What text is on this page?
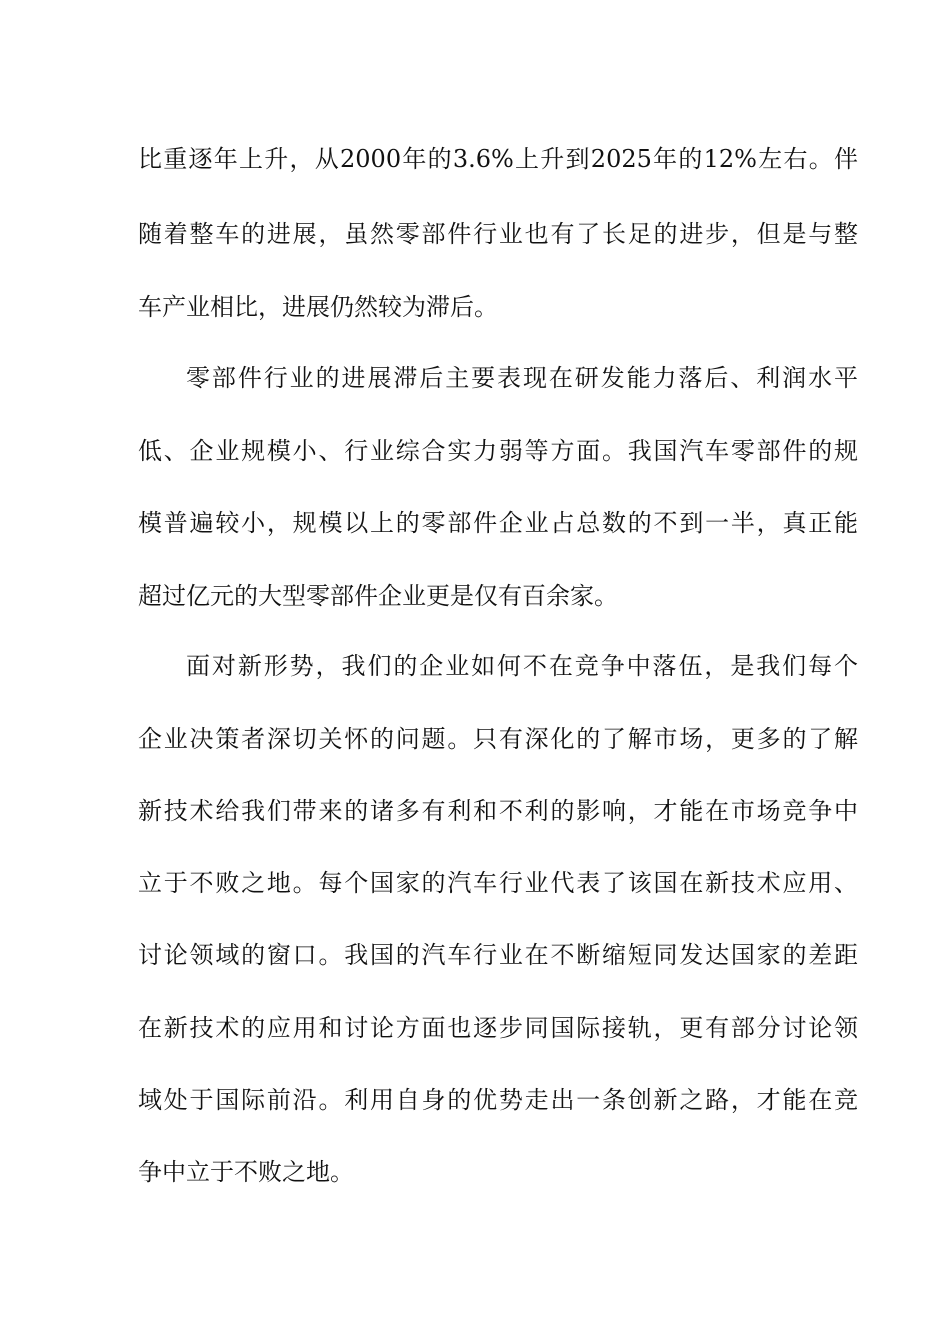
比重逐年上升，从2000年的3.6%上升到2025年的12%左右。伴
随着整车的进展，虽然零部件行业也有了长足的进步，但是与整
车产业相比，进展仍然较为滞后。
零部件行业的进展滞后主要表现在研发能力落后、利润水平
低、企业规模小、行业综合实力弱等方面。我国汽车零部件的规
模普遍较小，规模以上的零部件企业占总数的不到一半，真正能
超过亿元的大型零部件企业更是仅有百余家。
面对新形势，我们的企业如何不在竞争中落伍，是我们每个
企业决策者深切关怀的问题。只有深化的了解市场，更多的了解
新技术给我们带来的诸多有利和不利的影响，才能在市场竞争中
立于不败之地。每个国家的汽车行业代表了该国在新技术应用、
讨论领域的窗口。我国的汽车行业在不断缩短同发达国家的差距
在新技术的应用和讨论方面也逐步同国际接轨，更有部分讨论领
域处于国际前沿。利用自身的优势走出一条创新之路，才能在竞
争中立于不败之地。
